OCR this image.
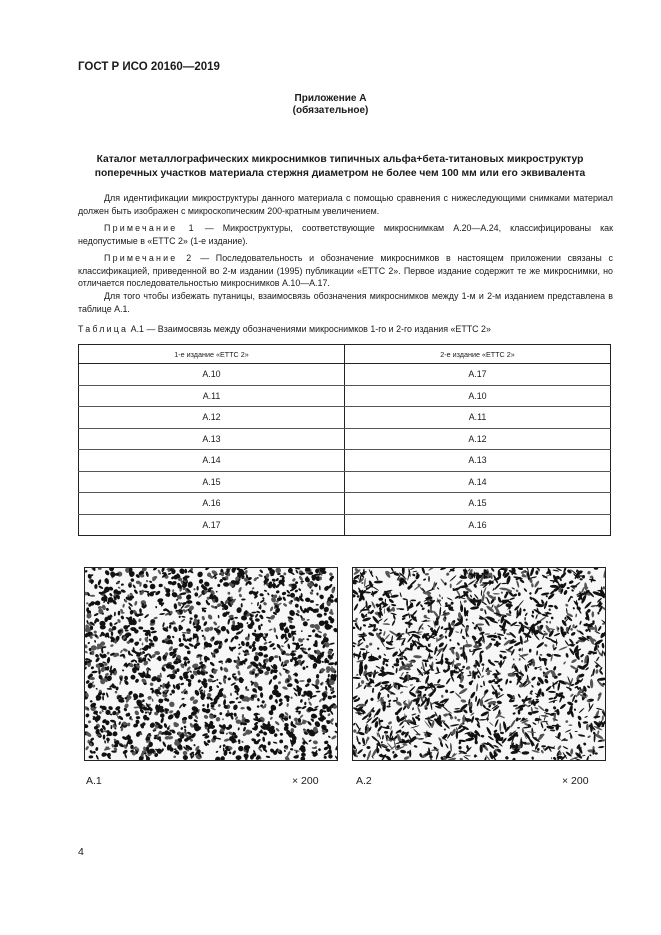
ГОСТ Р ИСО 20160—2019
Приложение А
(обязательное)
Каталог металлографических микроснимков типичных альфа+бета-титановых микроструктур
поперечных участков материала стержня диаметром не более чем 100 мм или его эквивалента
Для идентификации микроструктуры данного материала с помощью сравнения с нижеследующими снимками материал должен быть изображен с микроскопическим 200-кратным увеличением.
Примечание 1 — Микроструктуры, соответствующие микроснимкам А.20—А.24, классифицированы как недопустимые в «ЕТТС 2» (1-е издание).
Примечание 2 — Последовательность и обозначение микроснимков в настоящем приложении связаны с классификацией, приведенной во 2-м издании (1995) публикации «ЕТТС 2». Первое издание содержит те же микроснимки, но отличается последовательностью микроснимков А.10—А.17.
Для того чтобы избежать путаницы, взаимосвязь обозначения микроснимков между 1-м и 2-м изданием представлена в таблице А.1.
Таблица А.1 — Взаимосвязь между обозначениями микроснимков 1-го и 2-го издания «ЕТТС 2»
1-е издание «ЕТТС 2»	2-е издание «ЕТТС 2»
А.10	А.17
А.11	А.10
А.12	А.11
А.13	А.12
А.14	А.13
А.15	А.14
А.16	А.15
А.17	А.16
А.1	× 200	А.2	× 200
4
